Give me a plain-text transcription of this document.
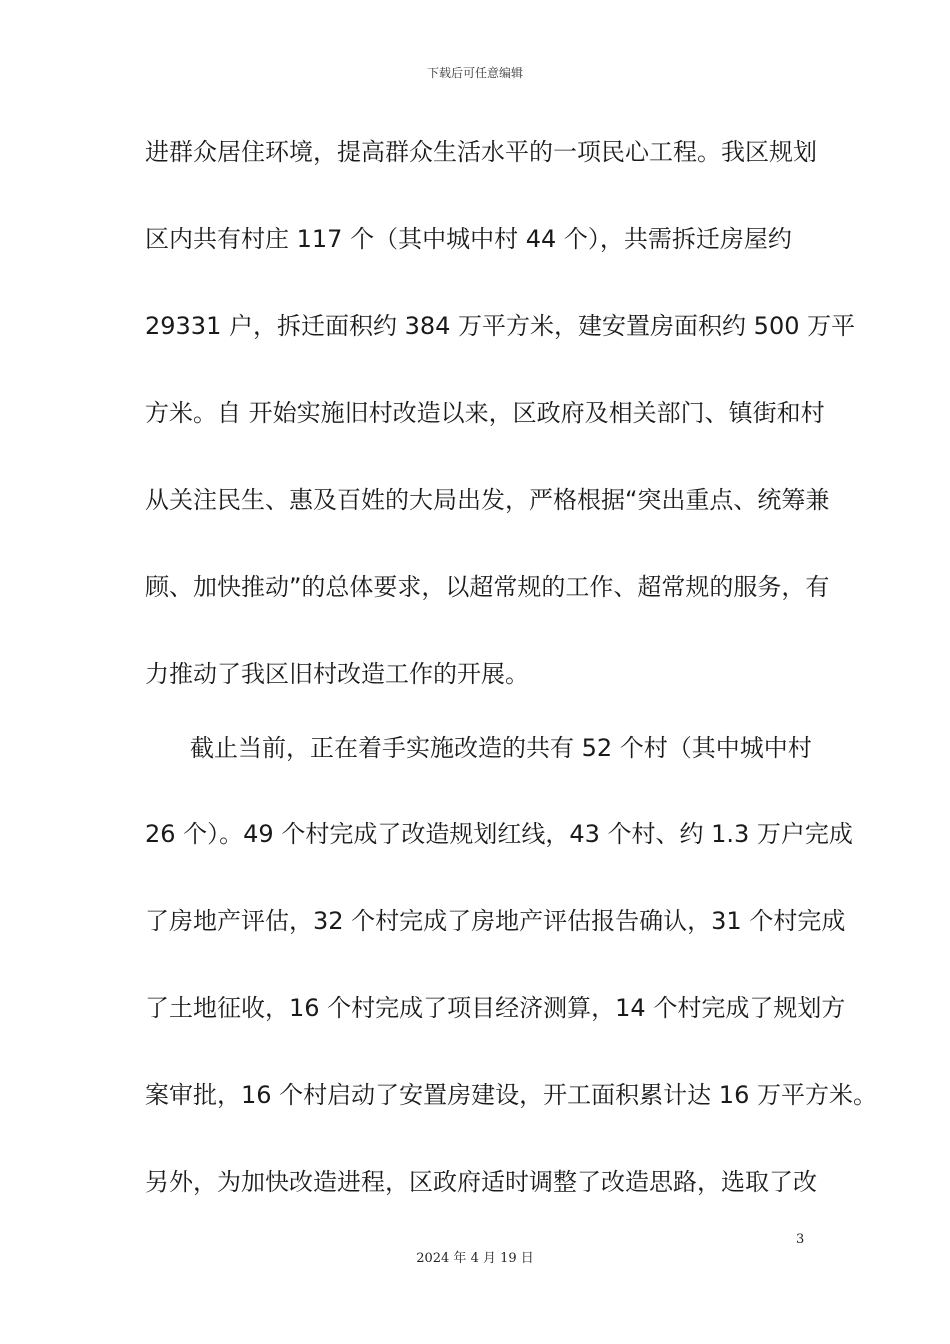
下载后可任意编辑
进群众居住环境，提高群众生活水平的一项民心工程。我区规划
区内共有村庄 117 个（其中城中村 44 个），共需拆迁房屋约
29331 户，拆迁面积约 384 万平方米，建安置房面积约 500 万平
方米。自 开始实施旧村改造以来，区政府及相关部门、镇街和村
从关注民生、惠及百姓的大局出发，严格根据“突出重点、统筹兼
顾、加快推动”的总体要求，以超常规的工作、超常规的服务，有
力推动了我区旧村改造工作的开展。
截止当前，正在着手实施改造的共有 52 个村（其中城中村
26 个）。49 个村完成了改造规划红线，43 个村、约 1.3 万户完成
了房地产评估，32 个村完成了房地产评估报告确认，31 个村完成
了土地征收，16 个村完成了项目经济测算，14 个村完成了规划方
案审批，16 个村启动了安置房建设，开工面积累计达 16 万平方米。
另外，为加快改造进程，区政府适时调整了改造思路，选取了改
3
2024 年 4 月 19 日
